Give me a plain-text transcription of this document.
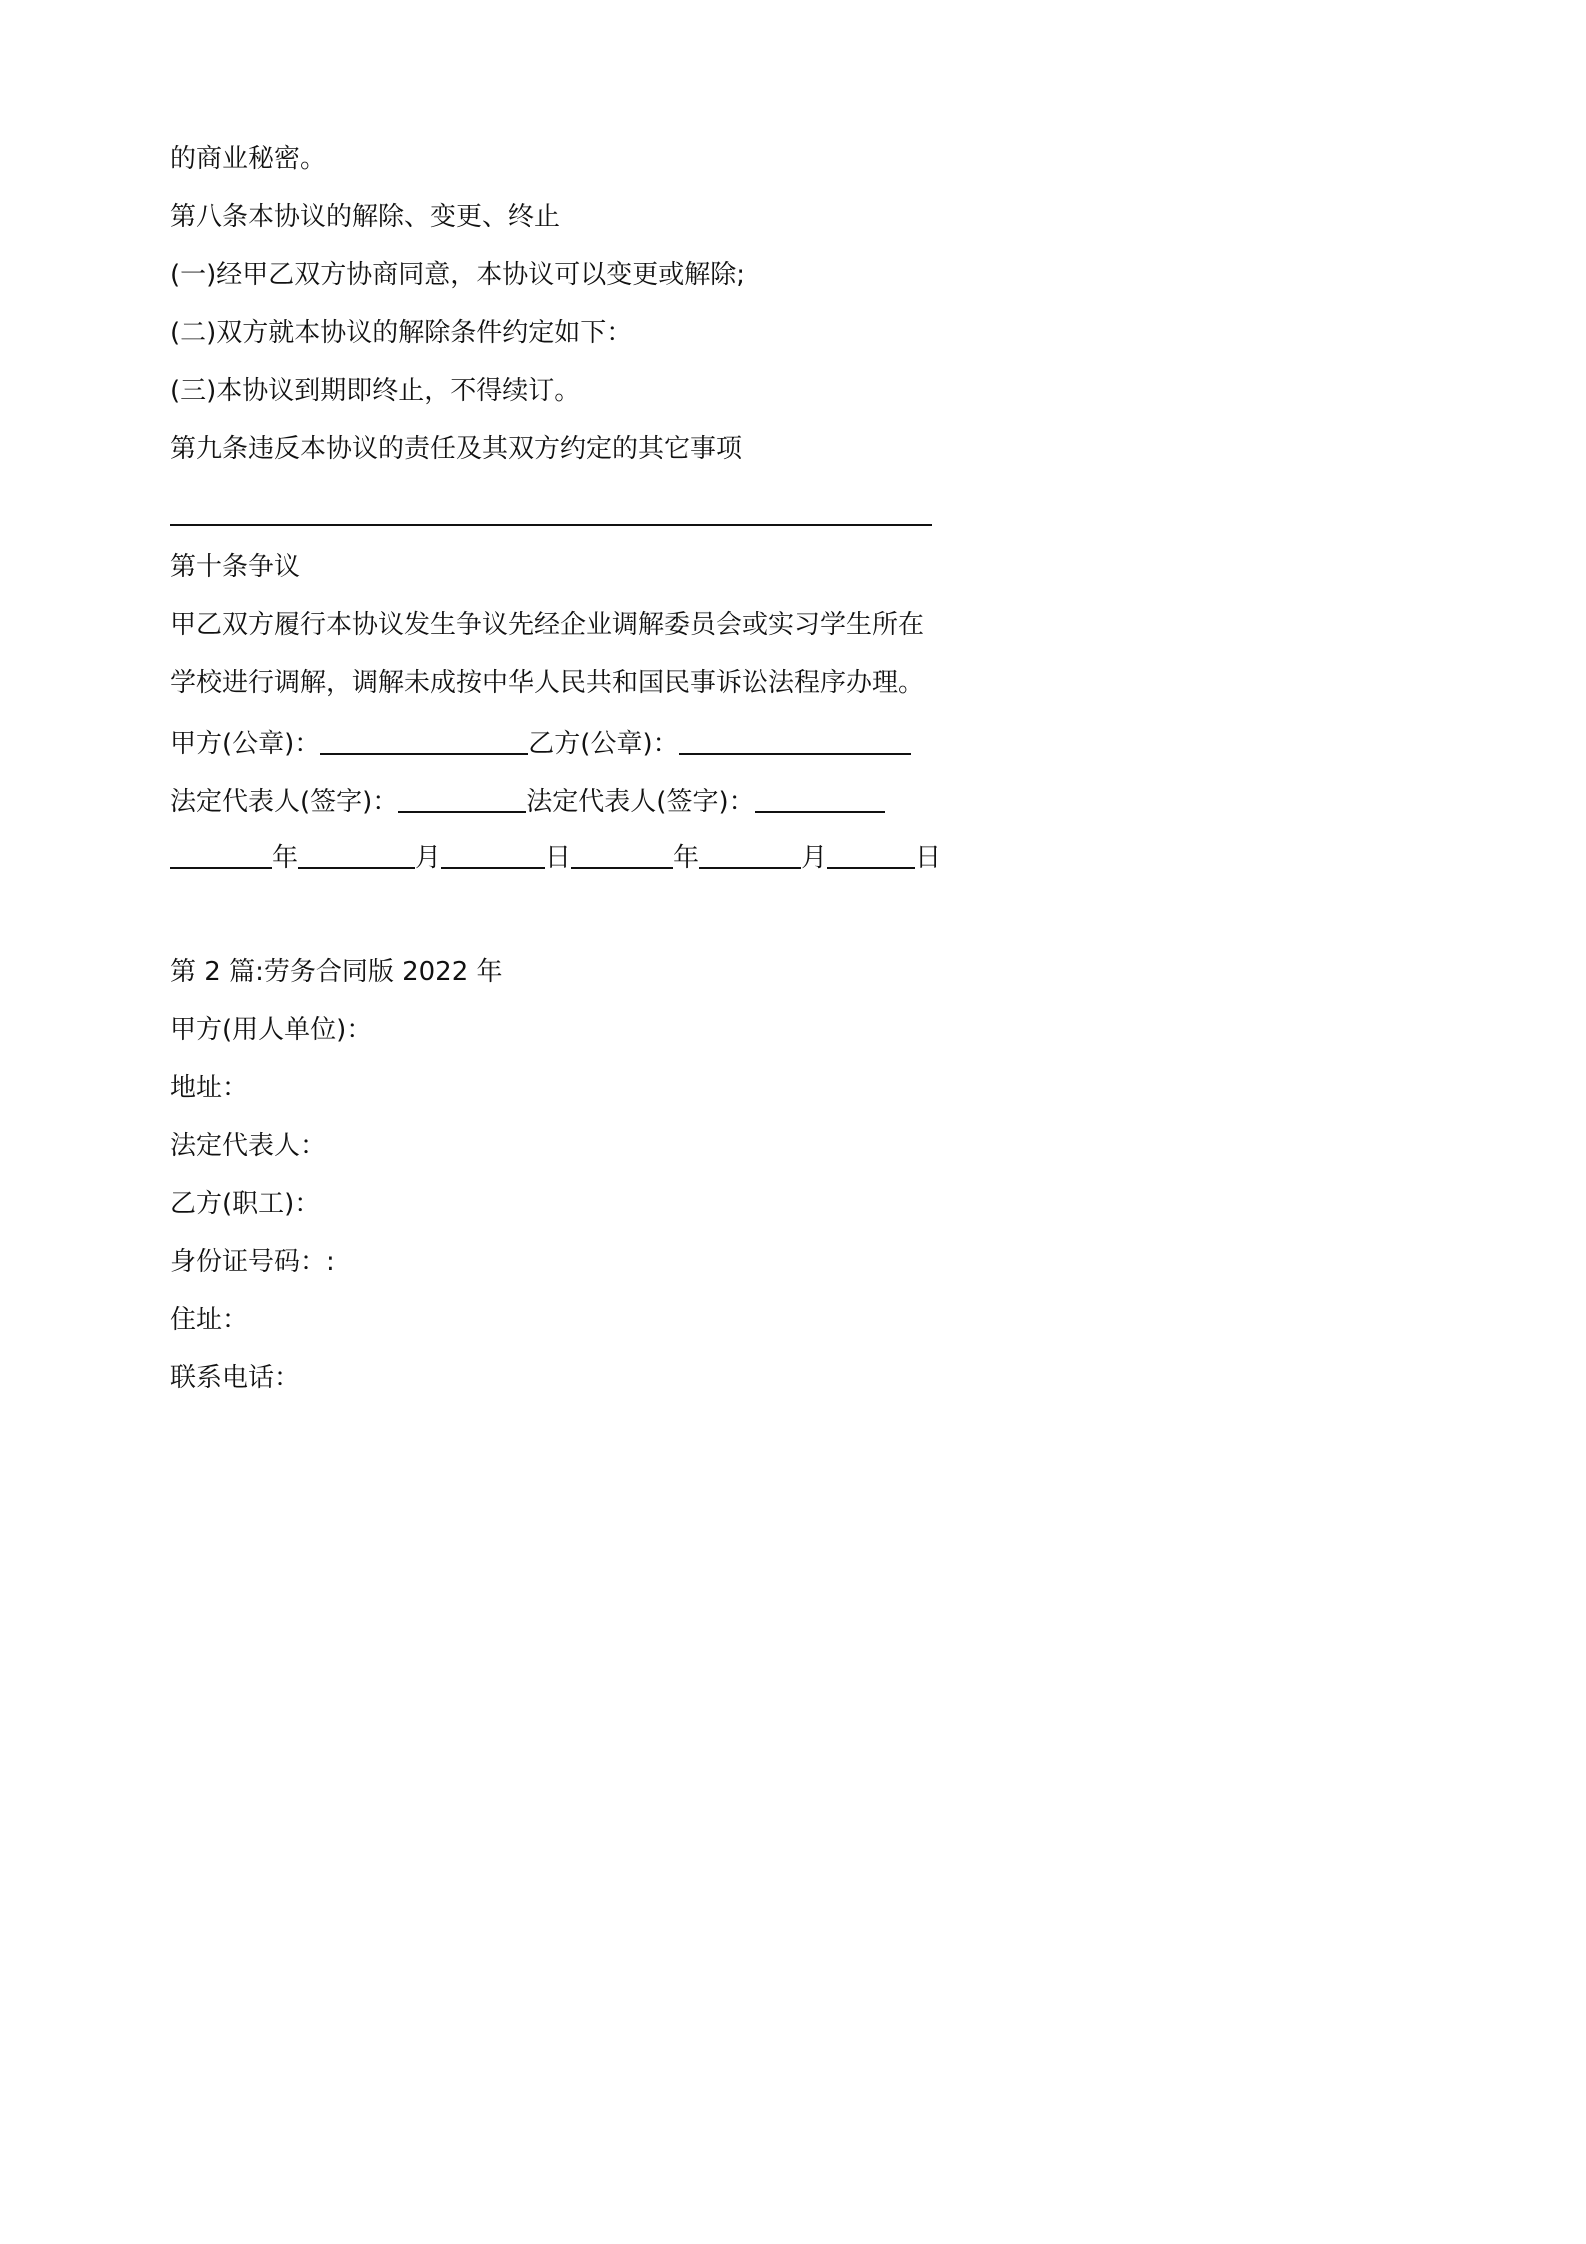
的商业秘密。
第八条本协议的解除、变更、终止
(一)经甲乙双方协商同意，本协议可以变更或解除;
(二)双方就本协议的解除条件约定如下：
(三)本协议到期即终止，不得续订。
第九条违反本协议的责任及其双方约定的其它事项
第十条争议
甲乙双方履行本协议发生争议先经企业调解委员会或实习学生所在
学校进行调解，调解未成按中华人民共和国民事诉讼法程序办理。
甲方(公章)：	乙方(公章)：
法定代表人(签字)：	法定代表人(签字)：
年	月	日	年	月	日
第 2 篇:劳务合同版 2022 年
甲方(用人单位)：
地址：
法定代表人：
乙方(职工)：
身份证号码：:
住址：
联系电话：
